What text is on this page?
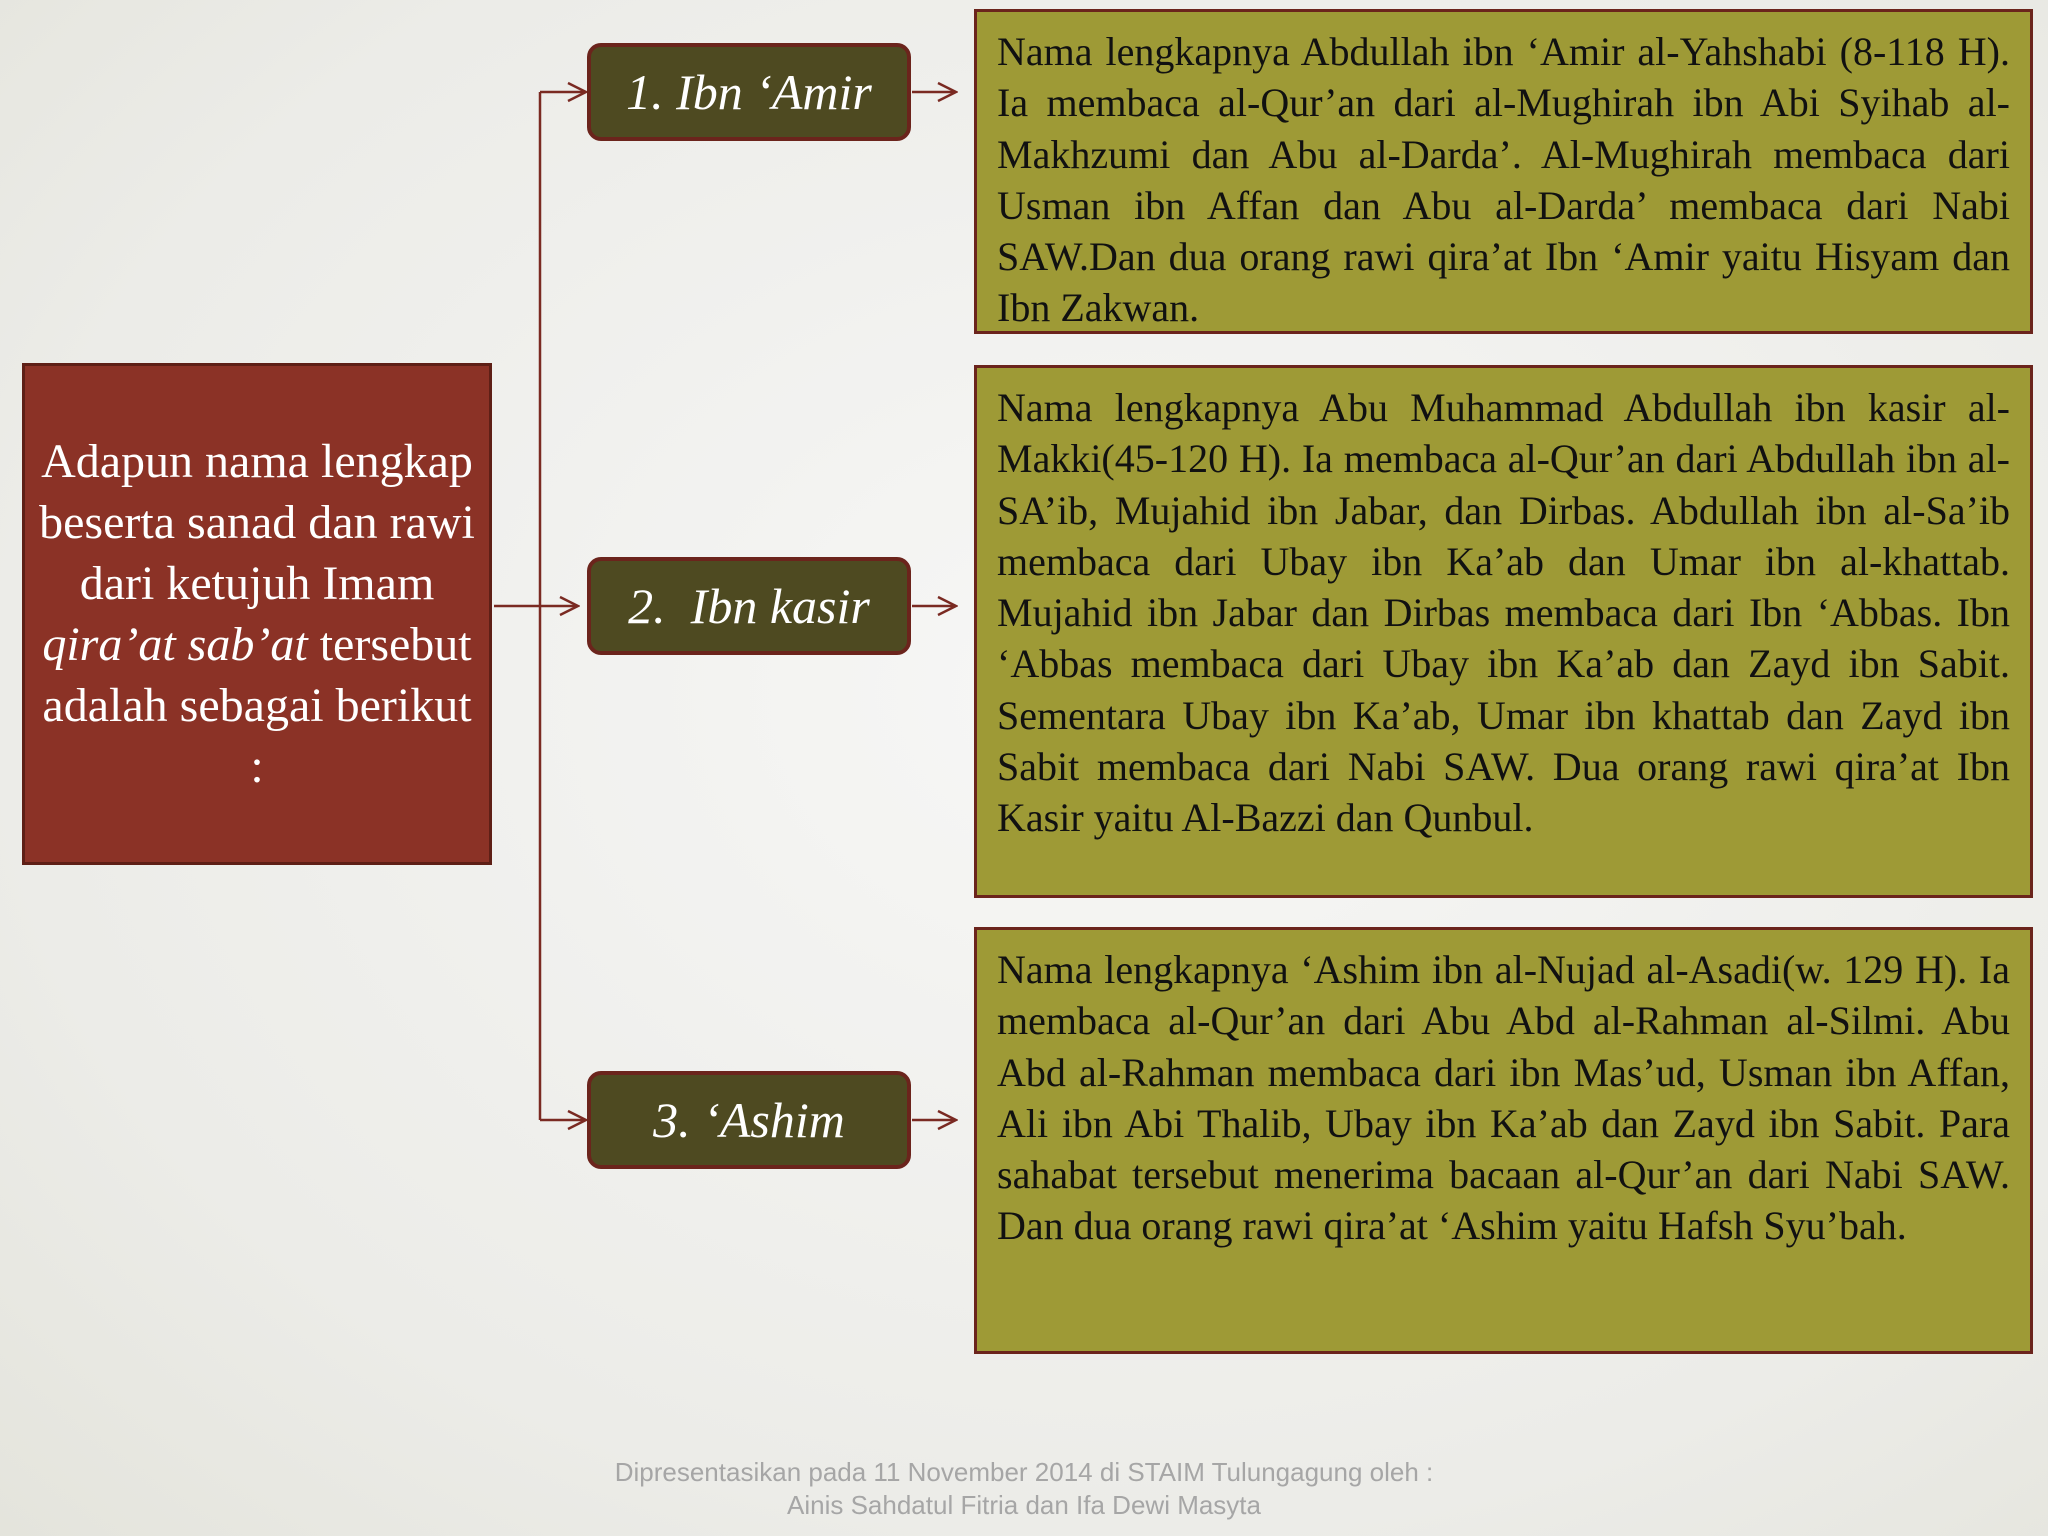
Adapun nama lengkap beserta sanad dan rawi dari ketujuh Imam qira’at sab’at tersebut adalah sebagai berikut :
1. Ibn ‘Amir
2.  Ibn kasir
3. ‘Ashim
Nama lengkapnya Abdullah ibn ‘Amir al-Yahshabi (8-118 H). Ia membaca al-Qur’an dari al-Mughirah ibn Abi Syihab al-Makhzumi dan Abu al-Darda’. Al-Mughirah membaca dari Usman ibn Affan dan Abu al-Darda’ membaca dari Nabi SAW.Dan dua orang rawi qira’at Ibn ‘Amir yaitu Hisyam dan Ibn Zakwan.
Nama lengkapnya Abu Muhammad Abdullah ibn kasir al-Makki(45-120 H). Ia membaca al-Qur’an dari Abdullah ibn al-SA’ib, Mujahid ibn Jabar, dan Dirbas. Abdullah ibn al-Sa’ib membaca dari Ubay ibn Ka’ab dan Umar ibn al-khattab. Mujahid ibn Jabar dan Dirbas membaca dari Ibn ‘Abbas. Ibn ‘Abbas membaca dari Ubay ibn Ka’ab dan Zayd ibn Sabit. Sementara Ubay ibn Ka’ab, Umar ibn khattab dan Zayd ibn Sabit membaca dari Nabi SAW. Dua orang rawi qira’at Ibn Kasir yaitu Al-Bazzi dan Qunbul.
Nama lengkapnya ‘Ashim ibn al-Nujad al-Asadi(w. 129 H). Ia membaca al-Qur’an dari Abu Abd al-Rahman al-Silmi. Abu Abd al-Rahman membaca dari ibn Mas’ud, Usman ibn Affan, Ali ibn Abi Thalib, Ubay ibn Ka’ab dan Zayd ibn Sabit. Para sahabat tersebut menerima bacaan al-Qur’an dari Nabi SAW. Dan dua orang rawi qira’at ‘Ashim yaitu Hafsh Syu’bah.
Dipresentasikan pada 11 November 2014 di STAIM Tulungagung oleh :
Ainis Sahdatul Fitria dan Ifa Dewi Masyta
